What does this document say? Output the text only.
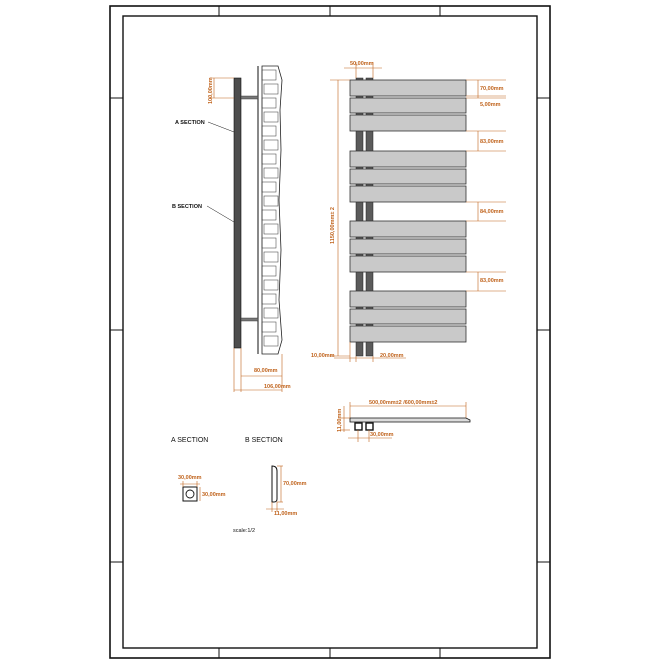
100,00mm
A SECTION
B SECTION
80,00mm
106,00mm
50,00mm
70,00mm
5,00mm
83,00mm
84,00mm
83,00mm
1150,00mm± 2
10,00mm	20,00mm
500,00mm±2 /600,00mm±2
11,00mm
30,00mm
A SECTION	B SECTION
30,00mm
30,00mm
70,00mm
11,00mm
scale:1/2
